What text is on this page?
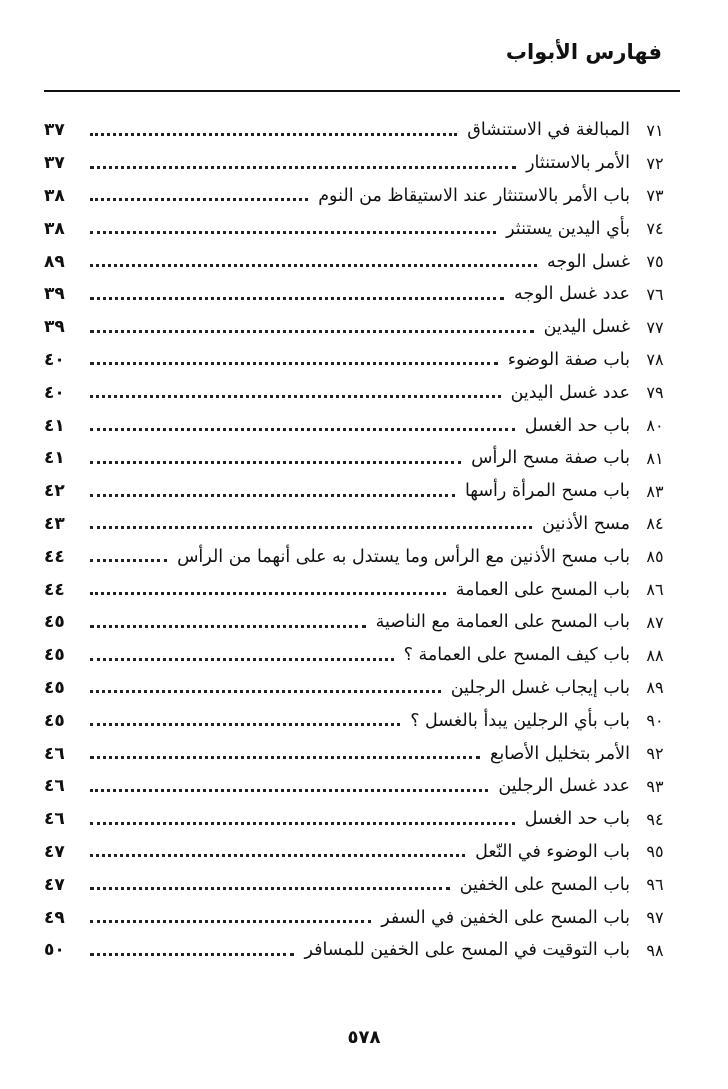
فهارس الأبواب
٧١
المبالغة في الاستنشاق
٣٧
٧٢
الأمر بالاستنثار
٣٧
٧٣
باب الأمر بالاستنثار عند الاستيقاظ من النوم
٣٨
٧٤
بأي اليدين يستنثر
٣٨
٧٥
غسل الوجه
٨٩
٧٦
عدد غسل الوجه
٣٩
٧٧
غسل اليدين
٣٩
٧٨
باب صفة الوضوء
٤٠
٧٩
عدد غسل اليدين
٤٠
٨٠
باب حد الغسل
٤١
٨١
باب صفة مسح الرأس
٤١
٨٣
باب مسح المرأة رأسها
٤٢
٨٤
مسح الأذنين
٤٣
٨٥
باب مسح الأذنين مع الرأس وما يستدل به على أنهما من الرأس
٤٤
٨٦
باب المسح على العمامة
٤٤
٨٧
باب المسح على العمامة مع الناصية
٤٥
٨٨
باب كيف المسح على العمامة ؟
٤٥
٨٩
باب إيجاب غسل الرجلين
٤٥
٩٠
باب بأي الرجلين يبدأ بالغسل ؟
٤٥
٩٢
الأمر بتخليل الأصابع
٤٦
٩٣
عدد غسل الرجلين
٤٦
٩٤
باب حد الغسل
٤٦
٩٥
باب الوضوء في النّعل
٤٧
٩٦
باب المسح على الخفين
٤٧
٩٧
باب المسح على الخفين في السفر
٤٩
٩٨
باب التوقيت في المسح على الخفين للمسافر
٥٠
٥٧٨
